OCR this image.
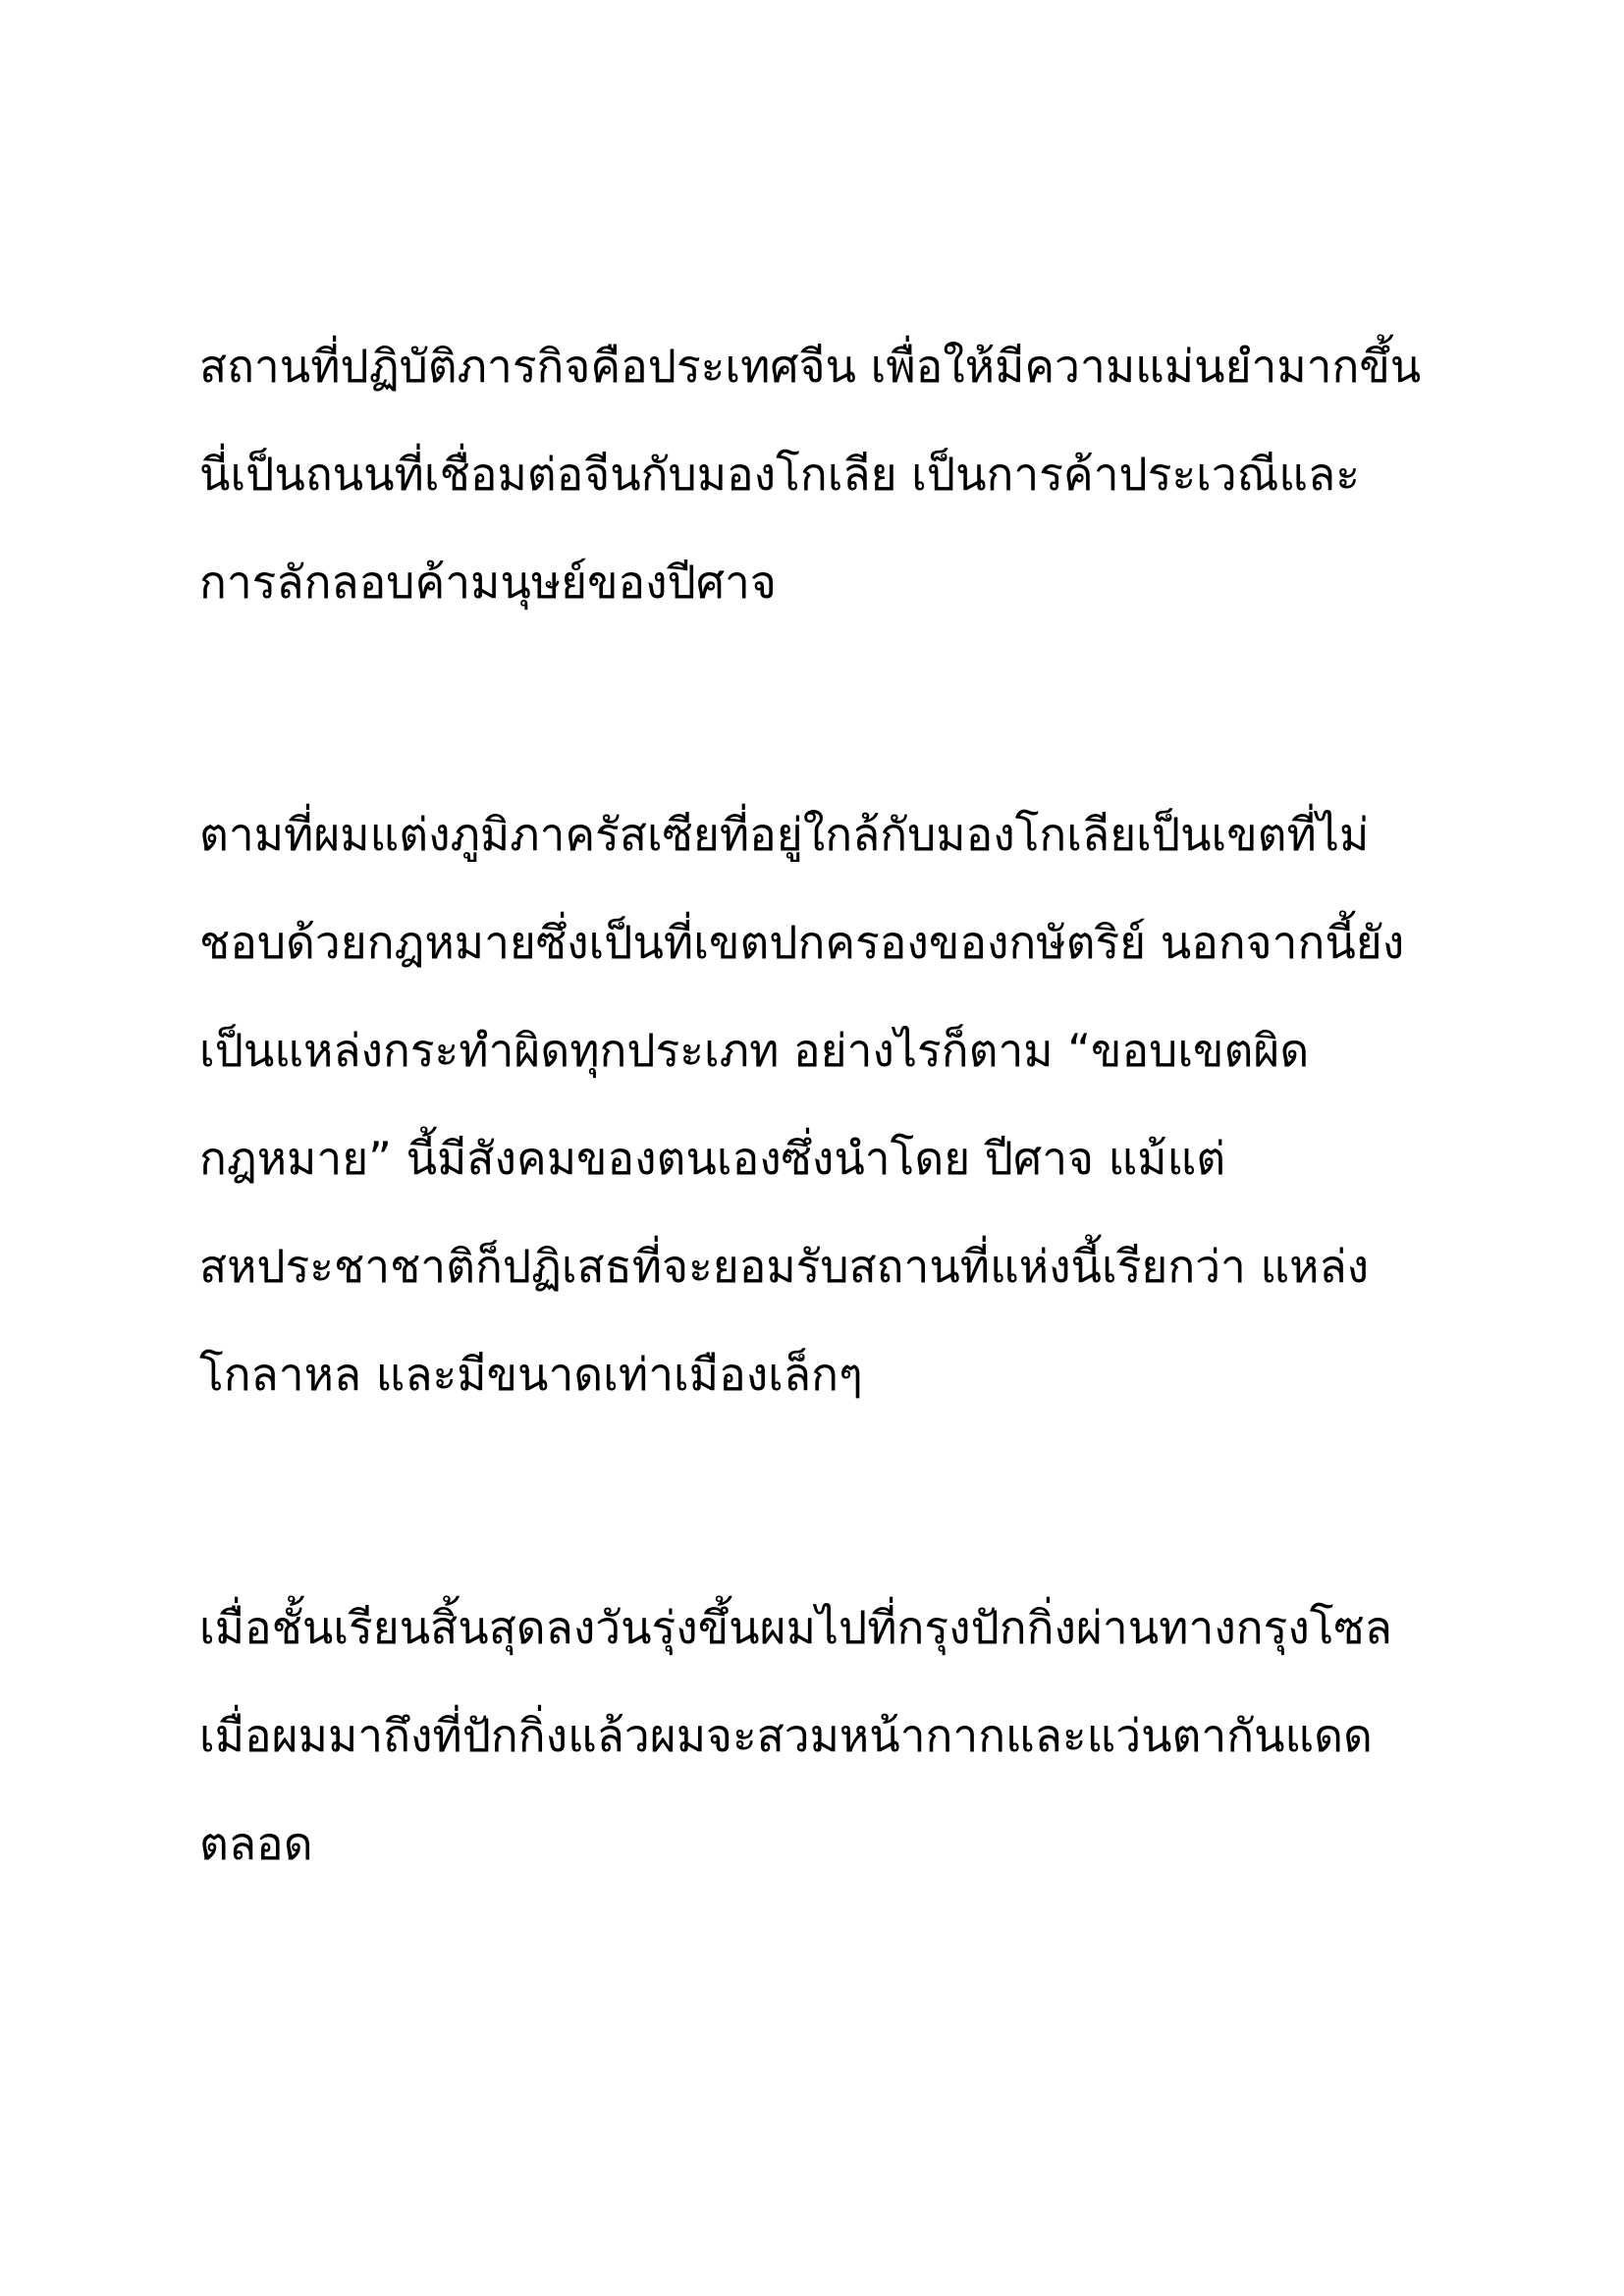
สถานที่ปฏิบัติภารกิจคือประเทศจีน เพื่อให้มีความแม่นยำมากขึ้น
นี่เป็นถนนที่เชื่อมต่อจีนกับมองโกเลีย เป็นการค้าประเวณีและ
การลักลอบค้ามนุษย์ของปีศาจ

ตามที่ผมแต่งภูมิภาครัสเซียที่อยู่ใกล้กับมองโกเลียเป็นเขตที่ไม่
ชอบด้วยกฎหมายซึ่งเป็นที่เขตปกครองของกษัตริย์ นอกจากนี้ยัง
เป็นแหล่งกระทำผิดทุกประเภท อย่างไรก็ตาม “ขอบเขตผิด
กฎหมาย” นี้มีสังคมของตนเองซึ่งนำโดย ปีศาจ แม้แต่
สหประชาชาติก็ปฏิเสธที่จะยอมรับสถานที่แห่งนี้เรียกว่า แหล่ง
โกลาหล และมีขนาดเท่าเมืองเล็กๆ

เมื่อชั้นเรียนสิ้นสุดลงวันรุ่งขึ้นผมไปที่กรุงปักกิ่งผ่านทางกรุงโซล
เมื่อผมมาถึงที่ปักกิ่งแล้วผมจะสวมหน้ากากและแว่นตากันแดด
ตลอด
